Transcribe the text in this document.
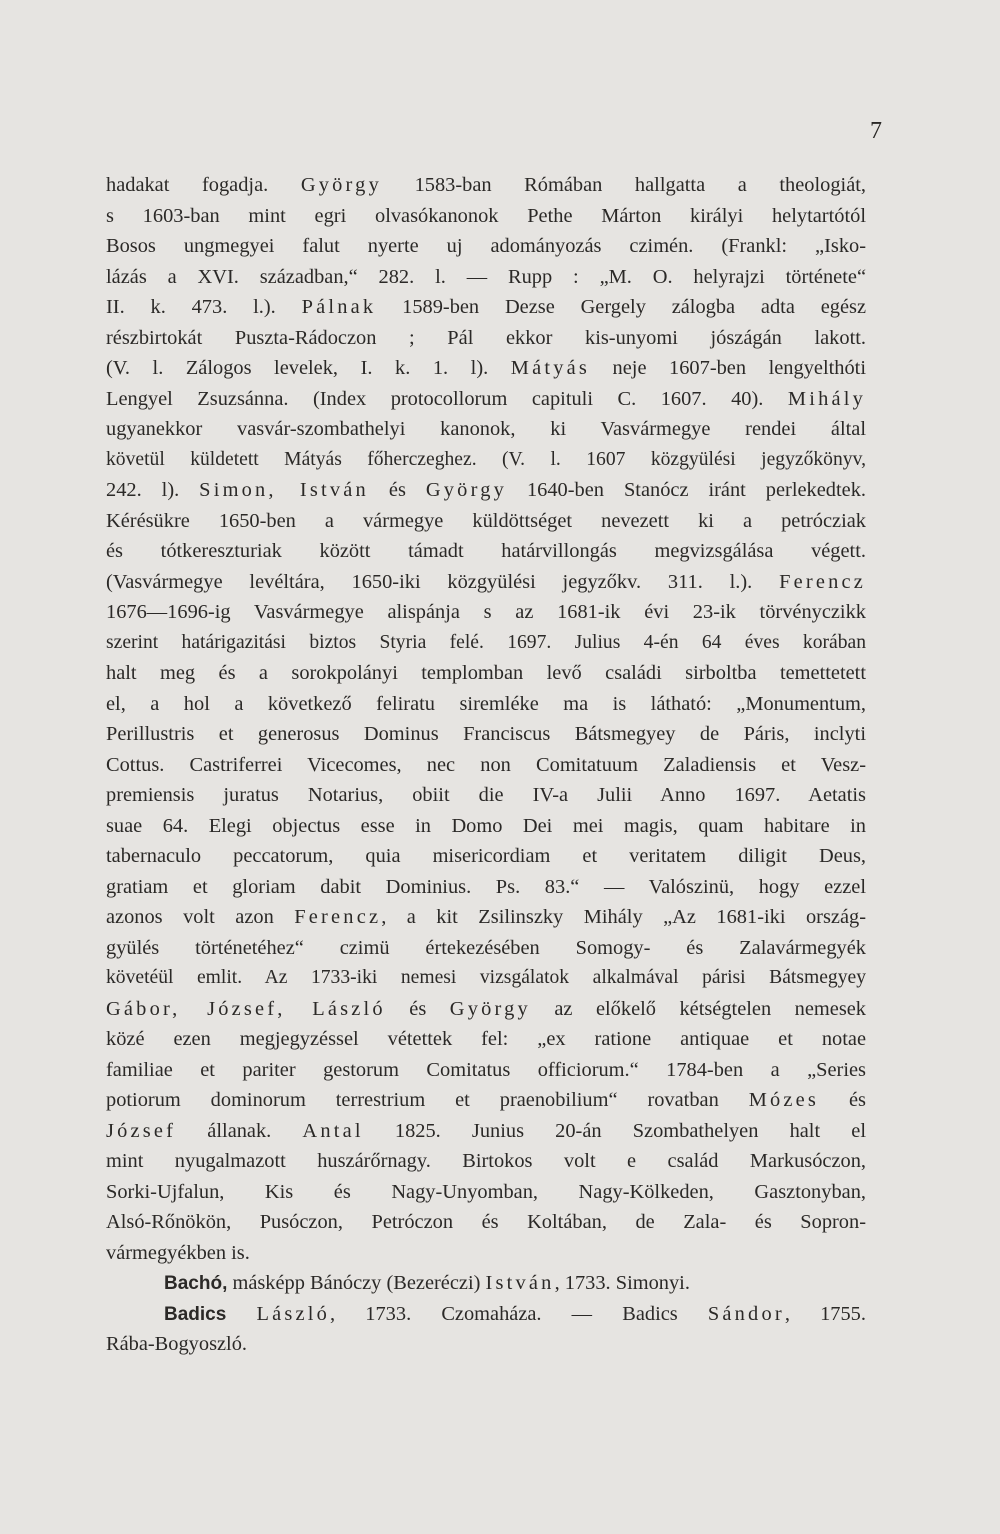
7
hadakat fogadja. György 1583-ban Rómában hallgatta a theologiát,
s 1603-ban mint egri olvasókanonok Pethe Márton királyi helytartótól
Bosos ungmegyei falut nyerte uj adományozás czimén. (Frankl: „Isko-
lázás a XVI. században,“ 282. l. — Rupp : „M. O. helyrajzi története“
II. k. 473. l.). Pálnak 1589-ben Dezse Gergely zálogba adta egész
részbirtokát Puszta-Rádoczon ; Pál ekkor kis-unyomi jószágán lakott.
(V. l. Zálogos levelek, I. k. 1. l). Mátyás neje 1607-ben lengyelthóti
Lengyel Zsuzsánna. (Index protocollorum capituli C. 1607. 40). Mihály
ugyanekkor vasvár-szombathelyi kanonok, ki Vasvármegye rendei által
követül küldetett Mátyás főherczeghez. (V. l. 1607 közgyülési jegyzőkönyv,
242. l). Simon, István és György 1640-ben Stanócz iránt perlekedtek.
Kérésükre 1650-ben a vármegye küldöttséget nevezett ki a petrócziak
és tótkereszturiak között támadt határvillongás megvizsgálása végett.
(Vasvármegye levéltára, 1650-iki közgyülési jegyzőkv. 311. l.). Ferencz
1676—1696-ig Vasvármegye alispánja s az 1681-ik évi 23-ik törvényczikk
szerint határigazitási biztos Styria felé. 1697. Julius 4-én 64 éves korában
halt meg és a sorokpolányi templomban levő családi sirboltba temettetett
el, a hol a következő feliratu siremléke ma is látható: „Monumentum,
Perillustris et generosus Dominus Franciscus Bátsmegyey de Páris, inclyti
Cottus. Castriferrei Vicecomes, nec non Comitatuum Zaladiensis et Vesz-
premiensis juratus Notarius, obiit die IV-a Julii Anno 1697. Aetatis
suae 64. Elegi objectus esse in Domo Dei mei magis, quam habitare in
tabernaculo peccatorum, quia misericordiam et veritatem diligit Deus,
gratiam et gloriam dabit Dominius. Ps. 83.“ — Valószinü, hogy ezzel
azonos volt azon Ferencz, a kit Zsilinszky Mihály „Az 1681-iki ország-
gyülés történetéhez“ czimü értekezésében Somogy- és Zalavármegyék
követéül emlit. Az 1733-iki nemesi vizsgálatok alkalmával párisi Bátsmegyey
Gábor, József, László és György az előkelő kétségtelen nemesek
közé ezen megjegyzéssel vétettek fel: „ex ratione antiquae et notae
familiae et pariter gestorum Comitatus officiorum.“ 1784-ben a „Series
potiorum dominorum terrestrium et praenobilium“ rovatban Mózes és
József állanak. Antal 1825. Junius 20-án Szombathelyen halt el
mint nyugalmazott huszárőrnagy. Birtokos volt e család Markusóczon,
Sorki-Ujfalun, Kis és Nagy-Unyomban, Nagy-Kölkeden, Gasztonyban,
Alsó-Rőnökön, Pusóczon, Petróczon és Koltában, de Zala- és Sopron-
vármegyékben is.
Bachó, másképp Bánóczy (Bezeréczi) István, 1733. Simonyi.
Badics László, 1733. Czomaháza. — Badics Sándor, 1755.
Rába-Bogyoszló.
